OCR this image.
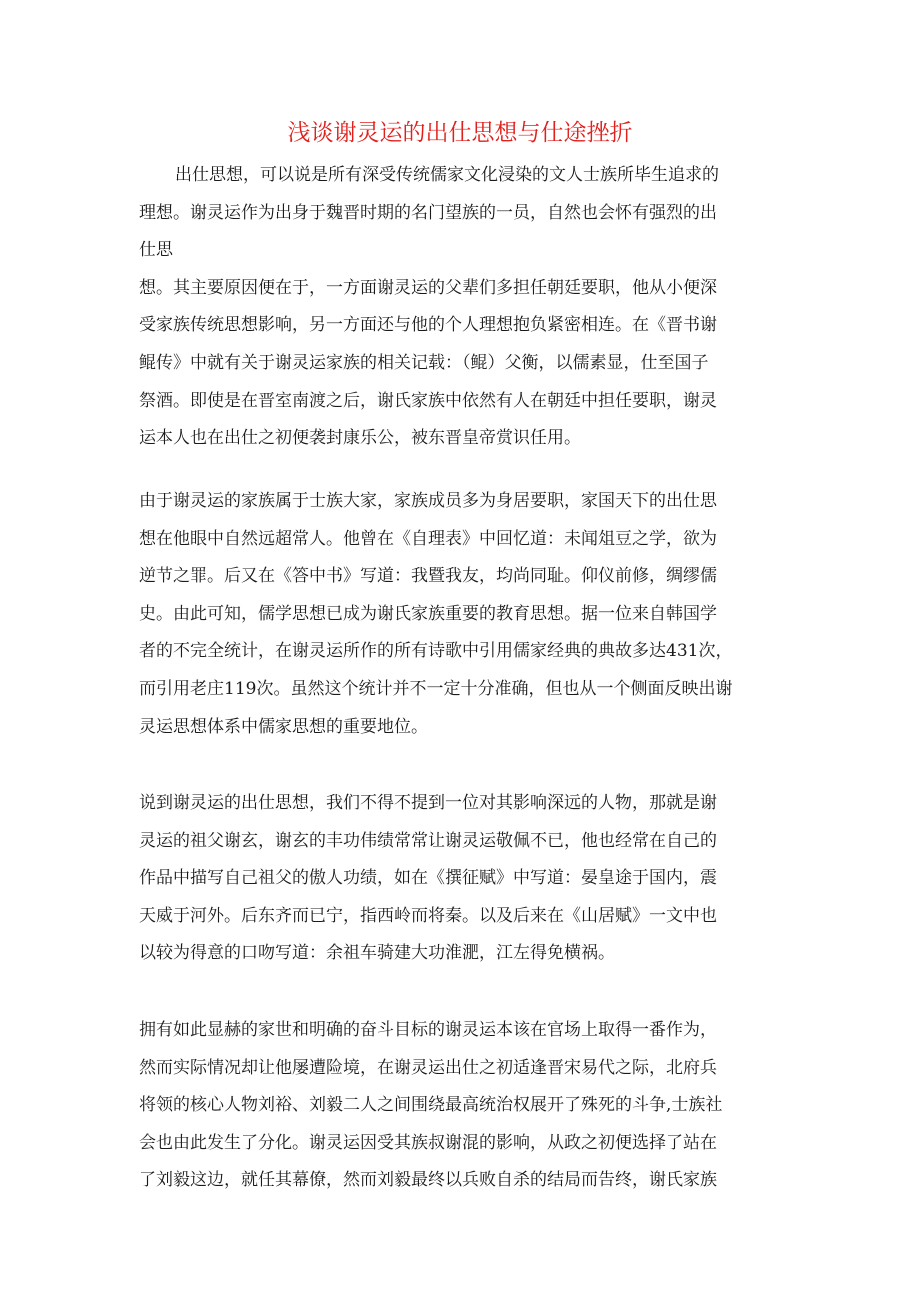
浅谈谢灵运的出仕思想与仕途挫折
出仕思想，可以说是所有深受传统儒家文化浸染的文人士族所毕生追求的
理想。谢灵运作为出身于魏晋时期的名门望族的一员，自然也会怀有强烈的出
仕思
想。其主要原因便在于，一方面谢灵运的父辈们多担任朝廷要职，他从小便深
受家族传统思想影响，另一方面还与他的个人理想抱负紧密相连。在《晋书谢
鲲传》中就有关于谢灵运家族的相关记载：（鲲）父衡，以儒素显，仕至国子
祭酒。即使是在晋室南渡之后，谢氏家族中依然有人在朝廷中担任要职，谢灵
运本人也在出仕之初便袭封康乐公，被东晋皇帝赏识任用。
由于谢灵运的家族属于士族大家，家族成员多为身居要职，家国天下的出仕思
想在他眼中自然远超常人。他曾在《自理表》中回忆道：未闻俎豆之学，欲为
逆节之罪。后又在《答中书》写道：我暨我友，均尚同耻。仰仪前修，绸缪儒
史。由此可知，儒学思想已成为谢氏家族重要的教育思想。据一位来自韩国学
者的不完全统计，在谢灵运所作的所有诗歌中引用儒家经典的典故多达431次，
而引用老庄119次。虽然这个统计并不一定十分准确，但也从一个侧面反映出谢
灵运思想体系中儒家思想的重要地位。
说到谢灵运的出仕思想，我们不得不提到一位对其影响深远的人物，那就是谢
灵运的祖父谢玄，谢玄的丰功伟绩常常让谢灵运敬佩不已，他也经常在自己的
作品中描写自己祖父的傲人功绩，如在《撰征赋》中写道：晏皇途于国内，震
天威于河外。后东齐而已宁，指西岭而将秦。以及后来在《山居赋》一文中也
以较为得意的口吻写道：余祖车骑建大功淮淝，江左得免横祸。
拥有如此显赫的家世和明确的奋斗目标的谢灵运本该在官场上取得一番作为，
然而实际情况却让他屡遭险境，在谢灵运出仕之初适逢晋宋易代之际，北府兵
将领的核心人物刘裕、刘毅二人之间围绕最高统治权展开了殊死的斗争,士族社
会也由此发生了分化。谢灵运因受其族叔谢混的影响，从政之初便选择了站在
了刘毅这边，就任其幕僚，然而刘毅最终以兵败自杀的结局而告终，谢氏家族
